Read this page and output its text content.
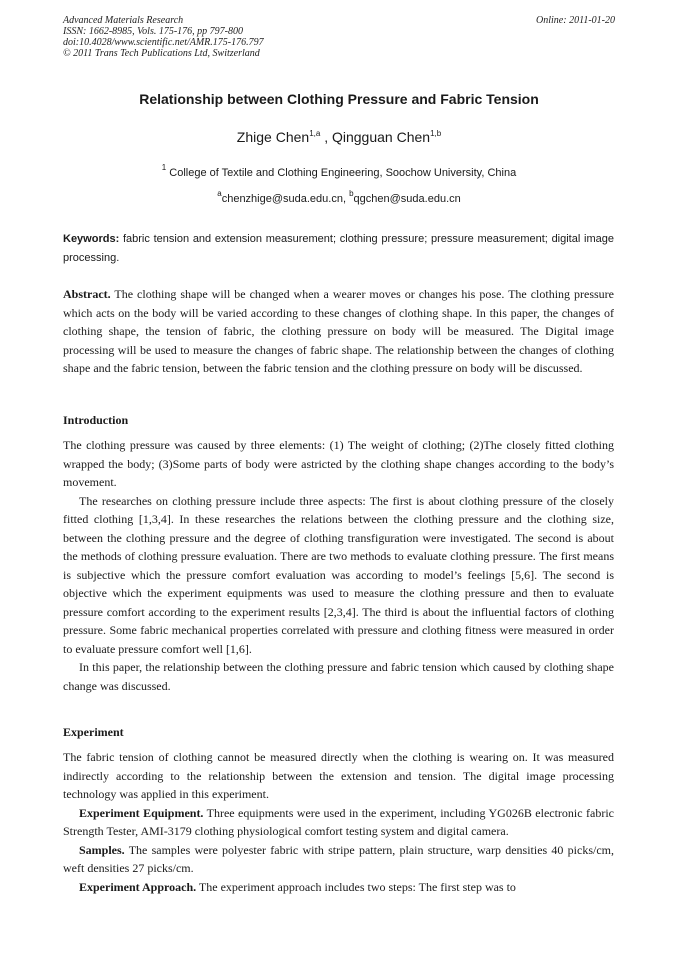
Advanced Materials Research
ISSN: 1662-8985, Vols. 175-176, pp 797-800
doi:10.4028/www.scientific.net/AMR.175-176.797
© 2011 Trans Tech Publications Ltd, Switzerland
Online: 2011-01-20
Relationship between Clothing Pressure and Fabric Tension
Zhige Chen$^{1,a}$ , Qingguan Chen$^{1,b}$
$^1$ College of Textile and Clothing Engineering, Soochow University, China
$^a$chenzhige@suda.edu.cn, $^b$qgchen@suda.edu.cn
Keywords: fabric tension and extension measurement; clothing pressure; pressure measurement; digital image processing.

Abstract. The clothing shape will be changed when a wearer moves or changes his pose. The clothing pressure which acts on the body will be varied according to these changes of clothing shape. In this paper, the changes of clothing shape, the tension of fabric, the clothing pressure on body will be measured. The Digital image processing will be used to measure the changes of fabric shape. The relationship between the changes of clothing shape and the fabric tension, between the fabric tension and the clothing pressure on body will be discussed.

Introduction

The clothing pressure was caused by three elements: (1) The weight of clothing; (2)The closely fitted clothing wrapped the body; (3)Some parts of body were astricted by the clothing shape changes according to the body’s movement.

The researches on clothing pressure include three aspects: The first is about clothing pressure of the closely fitted clothing [1,3,4]. In these researches the relations between the clothing pressure and the clothing size, between the clothing pressure and the degree of clothing transfiguration were investigated. The second is about the methods of clothing pressure evaluation. There are two methods to evaluate clothing pressure. The first means is subjective which the pressure comfort evaluation was according to model’s feelings [5,6]. The second is objective which the experiment equipments was used to measure the clothing pressure and then to evaluate pressure comfort according to the experiment results [2,3,4]. The third is about the influential factors of clothing pressure. Some fabric mechanical properties correlated with pressure and clothing fitness were measured in order to evaluate pressure comfort well [1,6].

In this paper, the relationship between the clothing pressure and fabric tension which caused by clothing shape change was discussed.

Experiment

The fabric tension of clothing cannot be measured directly when the clothing is wearing on. It was measured indirectly according to the relationship between the extension and tension. The digital image processing technology was applied in this experiment.

Experiment Equipment. Three equipments were used in the experiment, including YG026B electronic fabric Strength Tester, AMI-3179 clothing physiological comfort testing system and digital camera.

Samples. The samples were polyester fabric with stripe pattern, plain structure, warp densities 40 picks/cm, weft densities 27 picks/cm.

Experiment Approach. The experiment approach includes two steps: The first step was to
